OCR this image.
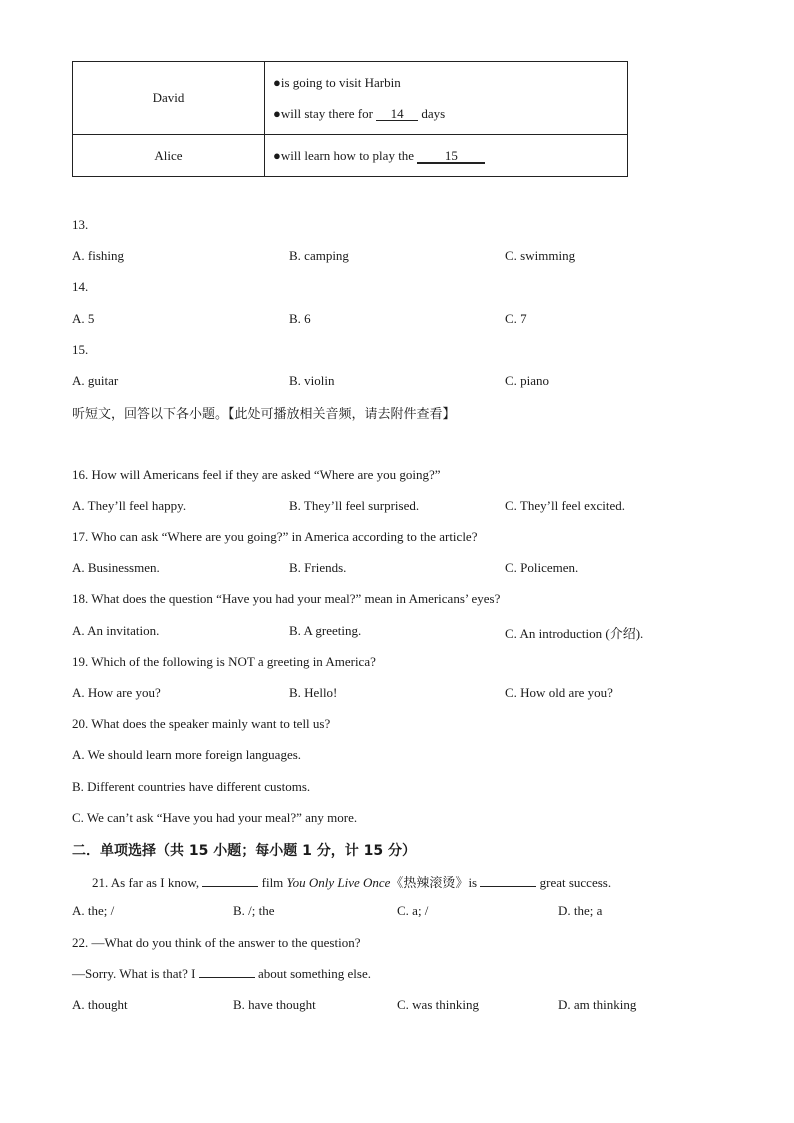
David	●is going to visit Harbin
●will stay there for 14 days

Alice	●will learn how to play the 15
13.
A. fishing	B. camping	C. swimming
14.
A. 5	B. 6	C. 7
15.
A. guitar	B. violin	C. piano
听短文，回答以下各小题。【此处可播放相关音频，请去附件查看】
16. How will Americans feel if they are asked “Where are you going?”
A. They’ll feel happy.	B. They’ll feel surprised.	C. They’ll feel excited.
17. Who can ask “Where are you going?” in America according to the article?
A. Businessmen.	B. Friends.	C. Policemen.
18. What does the question “Have you had your meal?” mean in Americans’ eyes?
A. An invitation.	B. A greeting.	C. An introduction (介绍).
19. Which of the following is NOT a greeting in America?
A. How are you?	B. Hello!	C. How old are you?
20. What does the speaker mainly want to tell us?
A. We should learn more foreign languages.
B. Different countries have different customs.
C. We can’t ask “Have you had your meal?” any more.
二．单项选择（共 15 小题；每小题 1 分，计 15 分）
21. As far as I know,	film You Only Live Once《热辣滚烫》is	great success.
A. the; /	B. /; the	C. a; /	D. the; a
22. —What do you think of the answer to the question?
—Sorry. What is that? I	about something else.
A. thought	B. have thought	C. was thinking	D. am thinking
